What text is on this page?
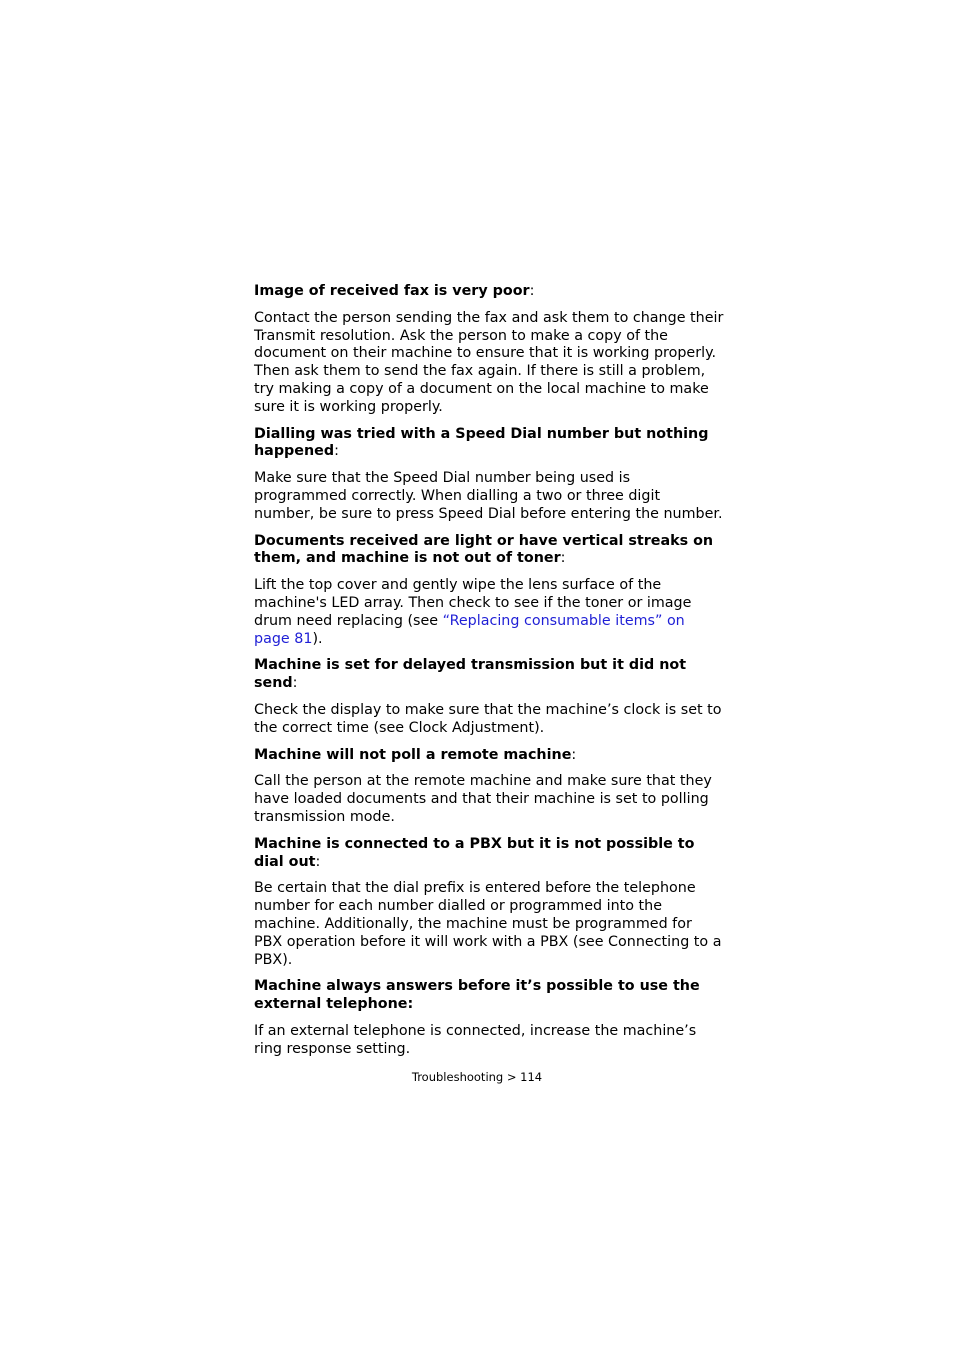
Image of received fax is very poor:

Contact the person sending the fax and ask them to change their Transmit resolution. Ask the person to make a copy of the document on their machine to ensure that it is working properly. Then ask them to send the fax again. If there is still a problem, try making a copy of a document on the local machine to make sure it is working properly.

Dialling was tried with a Speed Dial number but nothing happened:

Make sure that the Speed Dial number being used is programmed correctly. When dialling a two or three digit number, be sure to press Speed Dial before entering the number.

Documents received are light or have vertical streaks on them, and machine is not out of toner:

Lift the top cover and gently wipe the lens surface of the machine's LED array. Then check to see if the toner or image drum need replacing (see “Replacing consumable items” on page 81).

Machine is set for delayed transmission but it did not send:

Check the display to make sure that the machine’s clock is set to the correct time (see Clock Adjustment).

Machine will not poll a remote machine:

Call the person at the remote machine and make sure that they have loaded documents and that their machine is set to polling transmission mode.

Machine is connected to a PBX but it is not possible to dial out:

Be certain that the dial prefix is entered before the telephone number for each number dialled or programmed into the machine. Additionally, the machine must be programmed for PBX operation before it will work with a PBX (see Connecting to a PBX).

Machine always answers before it’s possible to use the external telephone:

If an external telephone is connected, increase the machine’s ring response setting.

Troubleshooting > 114
